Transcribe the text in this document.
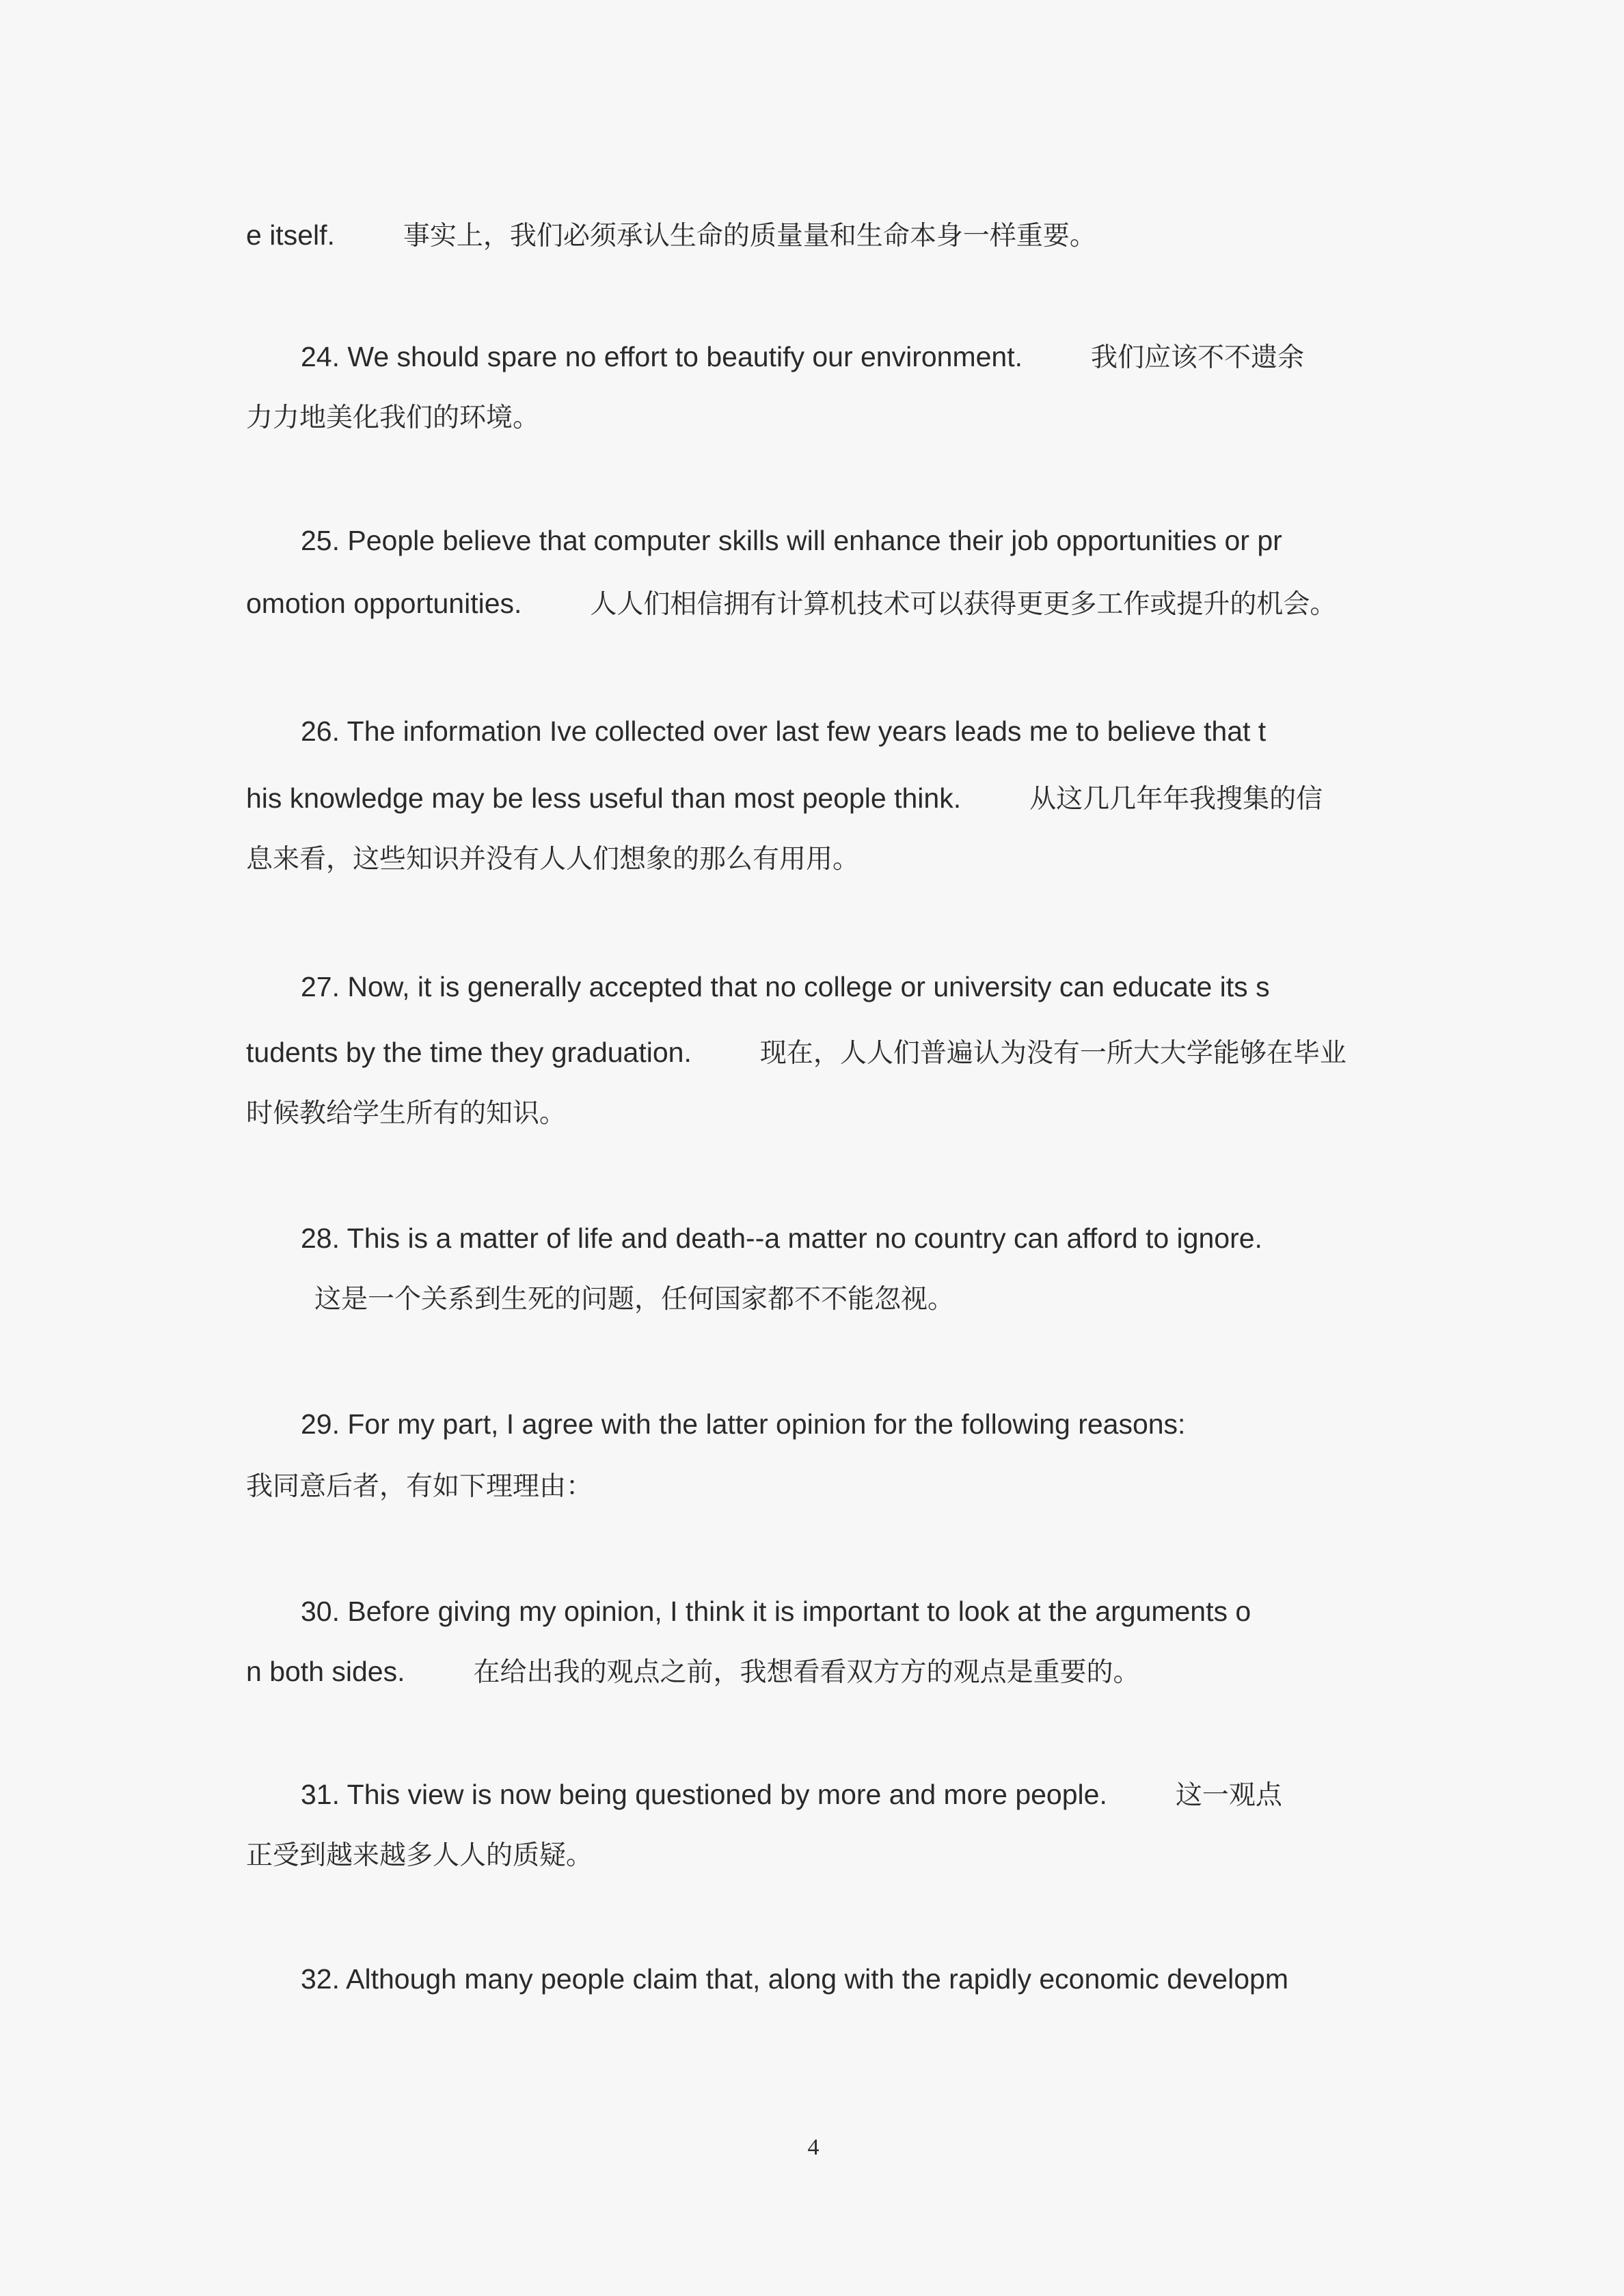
e itself.	事实上，我们必须承认生命的质量量和生命本身一样重要。
24. We should spare no effort to beautify our environment.	我们应该不不遗余
力力地美化我们的环境。
25. People believe that computer skills will enhance their job opportunities or pr
omotion opportunities.	人人们相信拥有计算机技术可以获得更更多工作或提升的机会。
26. The information Ive collected over last few years leads me to believe that t
his knowledge may be less useful than most people think.	从这几几年年我搜集的信
息来看，这些知识并没有人人们想象的那么有用用。
27. Now, it is generally accepted that no college or university can educate its s
tudents by the time they graduation.	现在，人人们普遍认为没有一所大大学能够在毕业
时候教给学生所有的知识。
28. This is a matter of life and death--a matter no country can afford to ignore.
这是一个关系到生死的问题，任何国家都不不能忽视。
29. For my part, I agree with the latter opinion for the following reasons:
我同意后者，有如下理理由：
30. Before giving my opinion, I think it is important to look at the arguments o
n both sides.	在给出我的观点之前，我想看看双方方的观点是重要的。
31. This view is now being questioned by more and more people.	这一观点
正受到越来越多人人的质疑。
32. Although many people claim that, along with the rapidly economic developm
4
